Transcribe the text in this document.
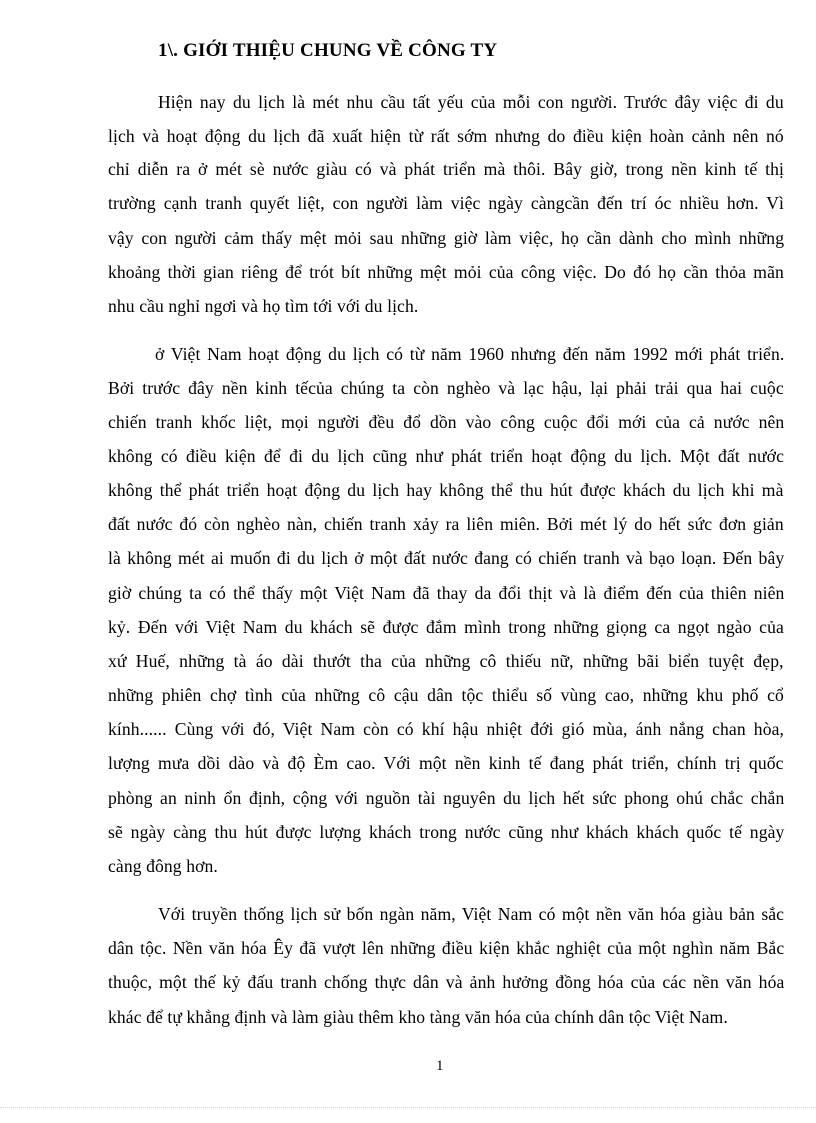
1\. GIỚI THIỆU CHUNG VỀ CÔNG TY
Hiện nay du lịch là mét nhu cầu tất yếu của mỗi con người. Trước đây việc đi du
lịch và hoạt động du lịch đã xuất hiện từ rất sớm nhưng do điều kiện hoàn cảnh nên nó
chỉ diễn ra ở mét sè nước giàu có và phát triển mà thôi. Bây giờ, trong nền kinh tế thị
trường cạnh tranh quyết liệt, con người làm việc ngày càngcần đến trí óc nhiều hơn. Vì
vậy con người cảm thấy mệt mỏi sau những giờ làm việc, họ cần dành cho mình những
khoảng thời gian riêng để trót bít những mệt mỏi của công việc. Do đó họ cần thỏa mãn
nhu cầu nghỉ ngơi và họ tìm tới với du lịch.
ở Việt Nam hoạt động du lịch có từ năm 1960 nhưng đến năm 1992 mới phát triển.
Bởi trước đây nền kinh tếcủa chúng ta còn nghèo và lạc hậu, lại phải trải qua hai cuộc
chiến tranh khốc liệt, mọi người đều đổ dồn vào công cuộc đổi mới của cả nước nên
không có điều kiện để đi du lịch cũng như phát triển hoạt động du lịch. Một đất nước
không thể phát triển hoạt động du lịch hay không thể thu hút được khách du lịch khi mà
đất nước đó còn nghèo nàn, chiến tranh xảy ra liên miên. Bởi mét lý do hết sức đơn giản
là không mét ai muốn đi du lịch ở một đất nước đang có chiến tranh và bạo loạn. Đến bây
giờ chúng ta có thể thấy một Việt Nam đã thay da đổi thịt và là điểm đến của thiên niên
kỷ. Đến với Việt Nam du khách sẽ được đắm mình trong những giọng ca ngọt ngào của
xứ Huế, những tà áo dài thướt tha của những cô thiếu nữ, những bãi biển tuyệt đẹp,
những phiên chợ tình của những cô cậu dân tộc thiểu số vùng cao, những khu phố cổ
kính...... Cùng với đó, Việt Nam còn có khí hậu nhiệt đới gió mùa, ánh nắng chan hòa,
lượng mưa dồi dào và độ Èm cao. Với một nền kinh tế đang phát triển, chính trị quốc
phòng an ninh ổn định, cộng với nguồn tài nguyên du lịch hết sức phong ohú chắc chắn
sẽ ngày càng thu hút được lượng khách trong nước cũng như khách khách quốc tế ngày
càng đông hơn.
Với truyền thống lịch sử bốn ngàn năm, Việt Nam có một nền văn hóa giàu bản sắc
dân tộc. Nền văn hóa Êy đã vượt lên những điều kiện khắc nghiệt của một nghìn năm Bắc
thuộc, một thế kỷ đấu tranh chống thực dân và ảnh hưởng đồng hóa của các nền văn hóa
khác để tự khẳng định và làm giàu thêm kho tàng văn hóa của chính dân tộc Việt Nam.
1
